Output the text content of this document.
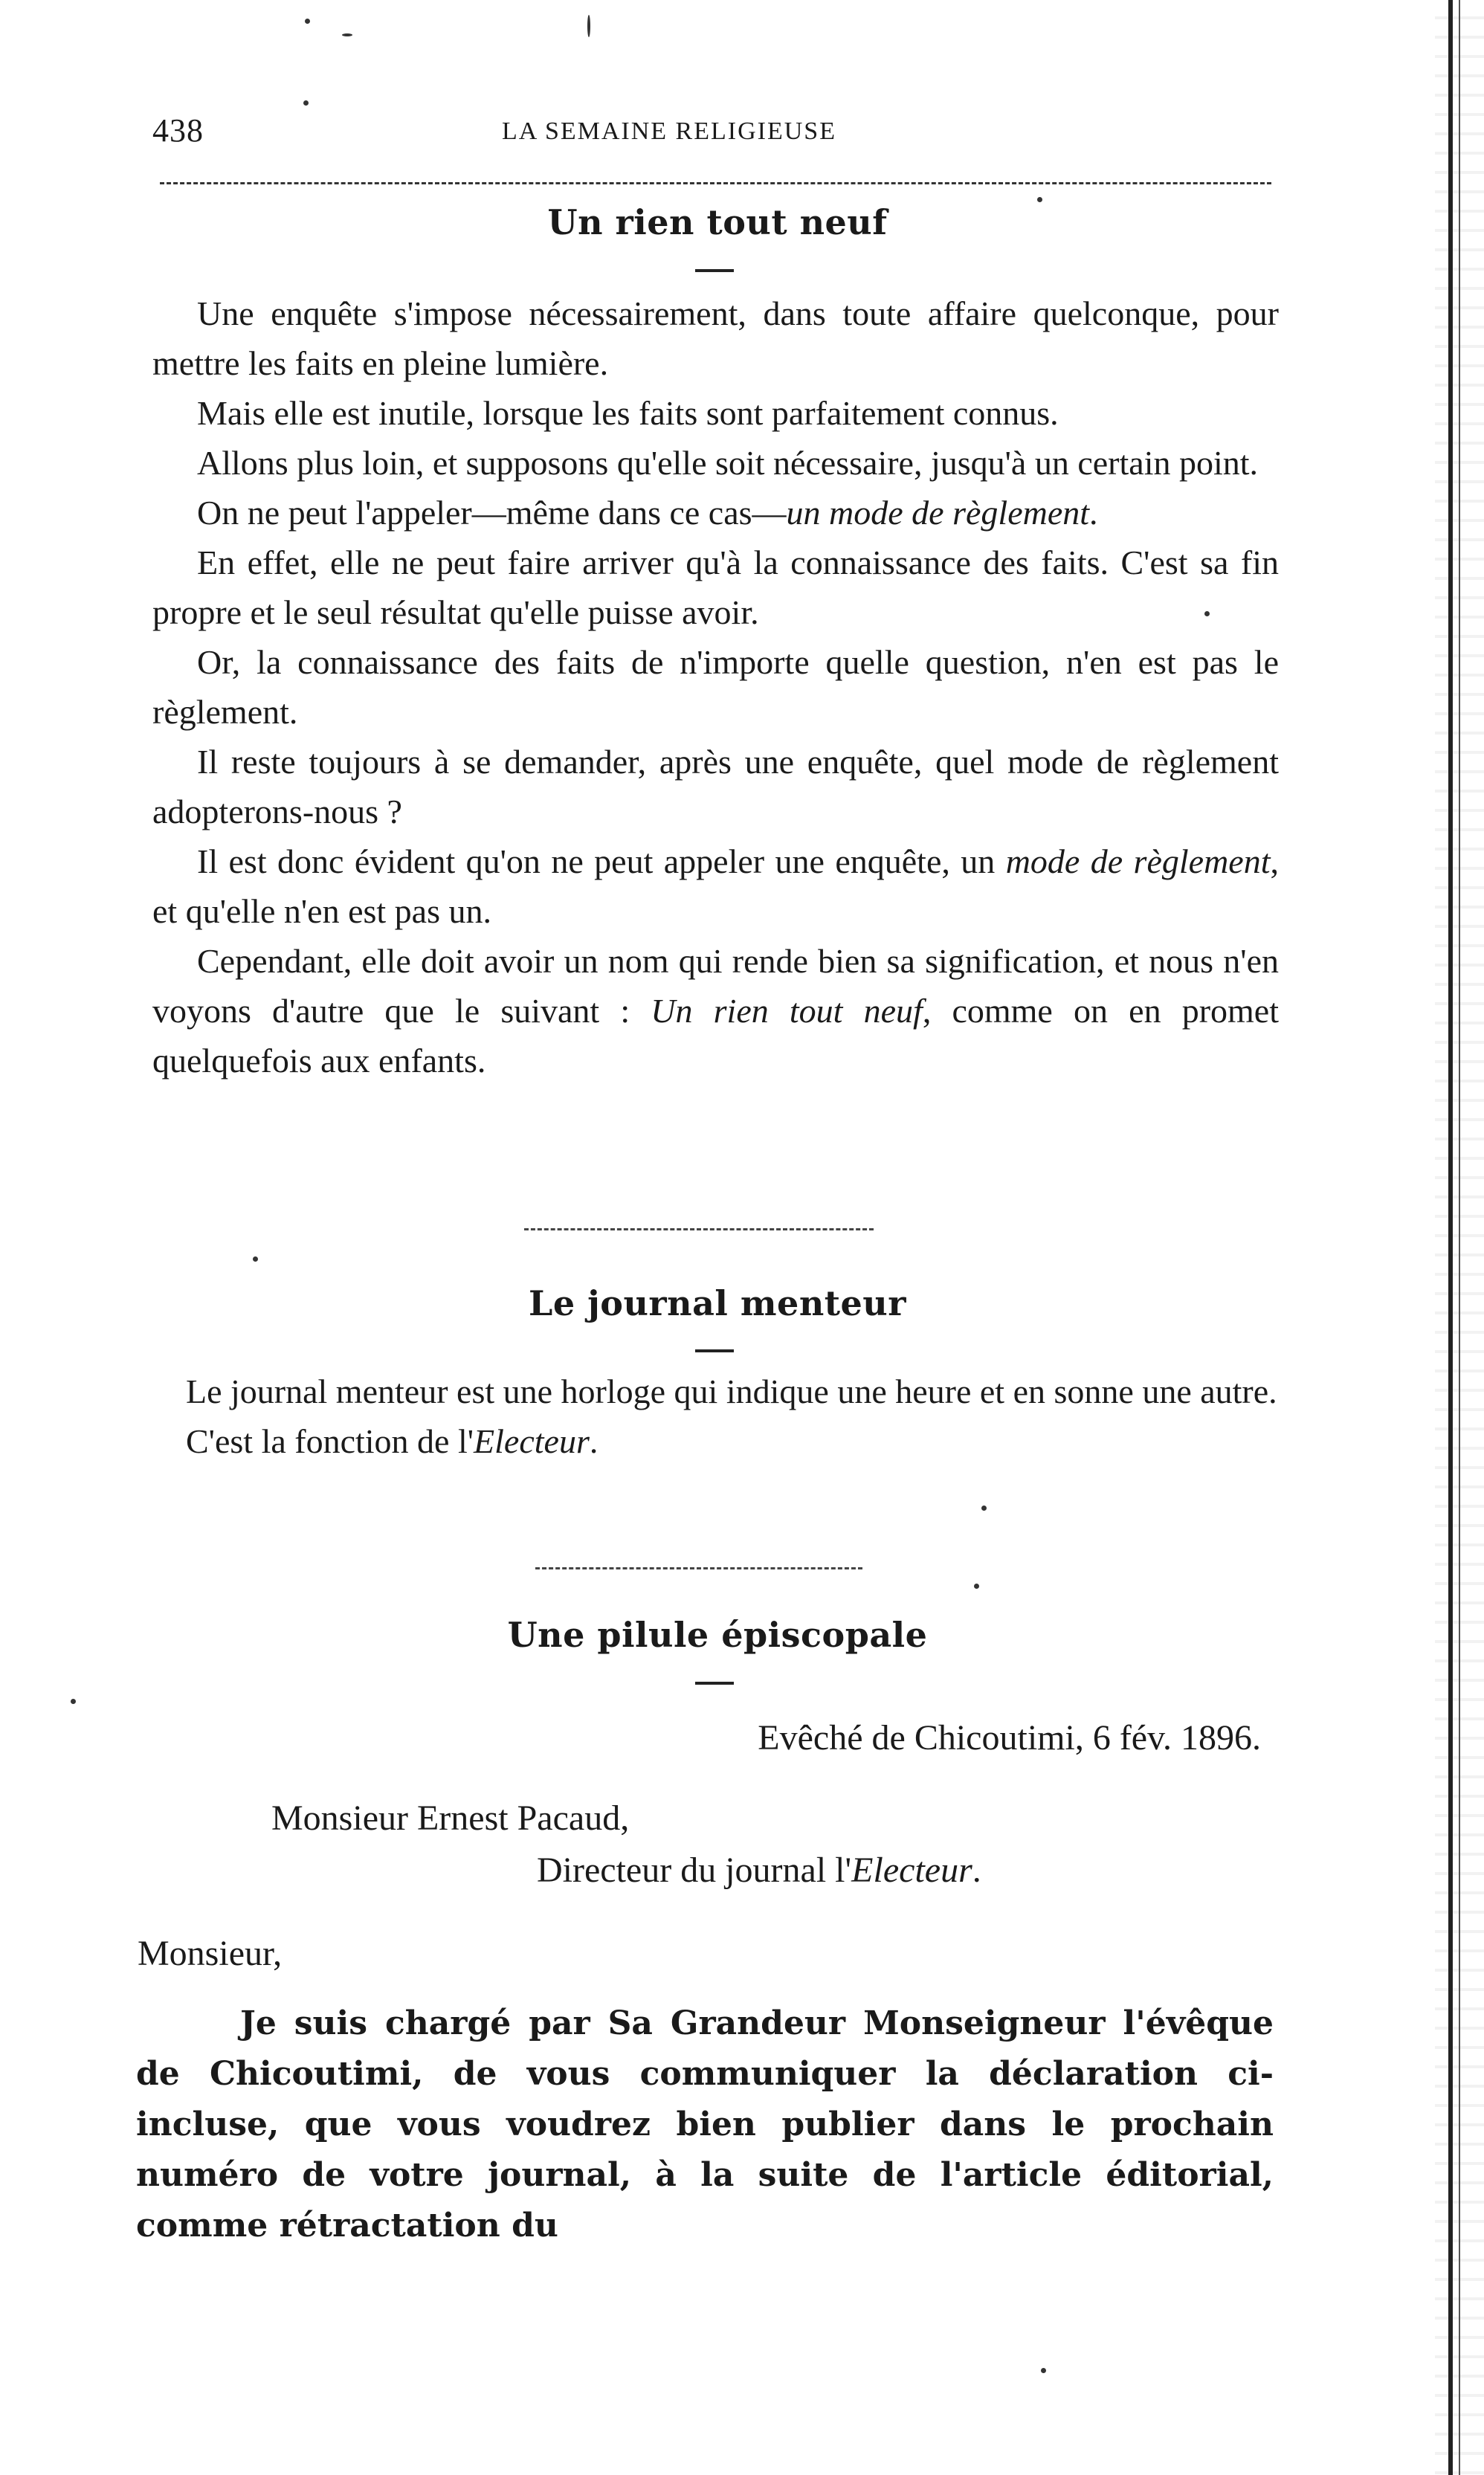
438	LA SEMAINE RELIGIEUSE
Un rien tout neuf

Une enquête s'impose nécessairement, dans toute affaire quelconque, pour mettre les faits en pleine lumière.

Mais elle est inutile, lorsque les faits sont parfaitement connus.

Allons plus loin, et supposons qu'elle soit nécessaire, jusqu'à un certain point.

On ne peut l'appeler—même dans ce cas—un mode de règlement.

En effet, elle ne peut faire arriver qu'à la connaissance des faits. C'est sa fin propre et le seul résultat qu'elle puisse avoir.

Or, la connaissance des faits de n'importe quelle question, n'en est pas le règlement.

Il reste toujours à se demander, après une enquête, quel mode de règlement adopterons-nous ?

Il est donc évident qu'on ne peut appeler une enquête, un mode de règlement, et qu'elle n'en est pas un.

Cependant, elle doit avoir un nom qui rende bien sa signification, et nous n'en voyons d'autre que le suivant : Un rien tout neuf, comme on en promet quelquefois aux enfants.

Le journal menteur

Le journal menteur est une horloge qui indique une heure et en sonne une autre.

C'est la fonction de l'Electeur.

Une pilule épiscopale
Evêché de Chicoutimi, 6 fév. 1896.
Monsieur Ernest Pacaud,
Directeur du journal l'Electeur.
Monsieur,

Je suis chargé par Sa Grandeur Monseigneur l'évêque de Chicoutimi, de vous communiquer la déclaration ci-incluse, que vous voudrez bien publier dans le prochain numéro de votre journal, à la suite de l'article éditorial, comme rétractation du
